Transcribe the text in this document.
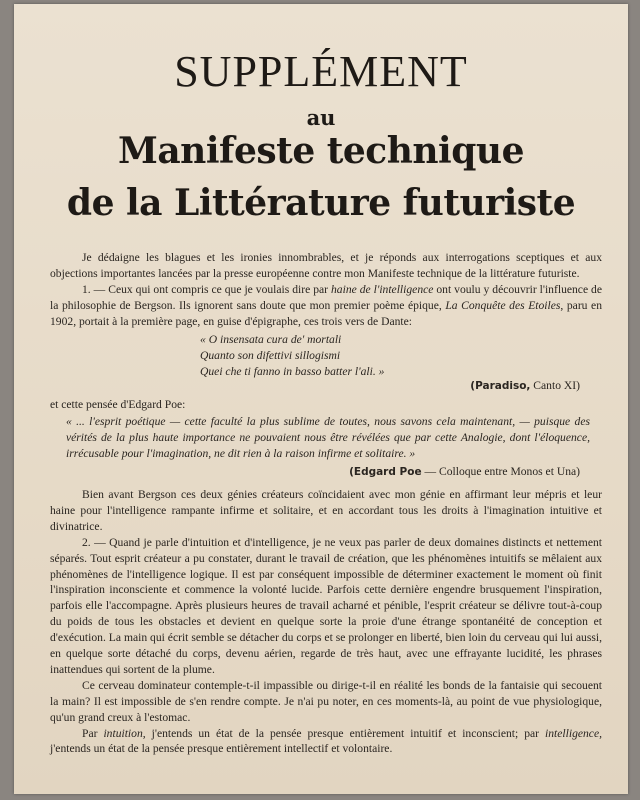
SUPPLÉMENT
au
Manifeste technique
de la Littérature futuriste

Je dédaigne les blagues et les ironies innombrables, et je réponds aux interrogations sceptiques et aux objections importantes lancées par la presse européenne contre mon Manifeste technique de la littérature futuriste.

1. — Ceux qui ont compris ce que je voulais dire par haine de l'intelligence ont voulu y découvrir l'influence de la philosophie de Bergson. Ils ignorent sans doute que mon premier poème épique, La Conquête des Etoiles, paru en 1902, portait à la première page, en guise d'épigraphe, ces trois vers de Dante:

« O insensata cura de' mortali
Quanto son difettivi sillogismi
Quei che ti fanno in basso batter l'ali. »
(Paradiso, Canto XI)

et cette pensée d'Edgard Poe:

« ... l'esprit poétique — cette faculté la plus sublime de toutes, nous savons cela maintenant, — puisque des vérités de la plus haute importance ne pouvaient nous être révélées que par cette Analogie, dont l'éloquence, irrécusable pour l'imagination, ne dit rien à la raison infirme et solitaire. »
(Edgard Poe — Colloque entre Monos et Una)

Bien avant Bergson ces deux génies créateurs coïncidaient avec mon génie en affirmant leur mépris et leur haine pour l'intelligence rampante infirme et solitaire, et en accordant tous les droits à l'imagination intuitive et divinatrice.

2. — Quand je parle d'intuition et d'intelligence, je ne veux pas parler de deux domaines distincts et nettement séparés. Tout esprit créateur a pu constater, durant le travail de création, que les phénomènes intuitifs se mêlaient aux phénomènes de l'intelligence logique. Il est par conséquent impossible de déterminer exactement le moment où finit l'inspiration inconsciente et commence la volonté lucide. Parfois cette dernière engendre brusquement l'inspiration, parfois elle l'accompagne. Après plusieurs heures de travail acharné et pénible, l'esprit créateur se délivre tout-à-coup du poids de tous les obstacles et devient en quelque sorte la proie d'une étrange spontanéité de conception et d'exécution. La main qui écrit semble se détacher du corps et se prolonger en liberté, bien loin du cerveau qui lui aussi, en quelque sorte détaché du corps, devenu aérien, regarde de très haut, avec une effrayante lucidité, les phrases inattendues qui sortent de la plume.

Ce cerveau dominateur contemple-t-il impassible ou dirige-t-il en réalité les bonds de la fantaisie qui secouent la main? Il est impossible de s'en rendre compte. Je n'ai pu noter, en ces moments-là, au point de vue physiologique, qu'un grand creux à l'estomac.

Par intuition, j'entends un état de la pensée presque entièrement intuitif et inconscient; par intelligence, j'entends un état de la pensée presque entièrement intellectif et volontaire.
